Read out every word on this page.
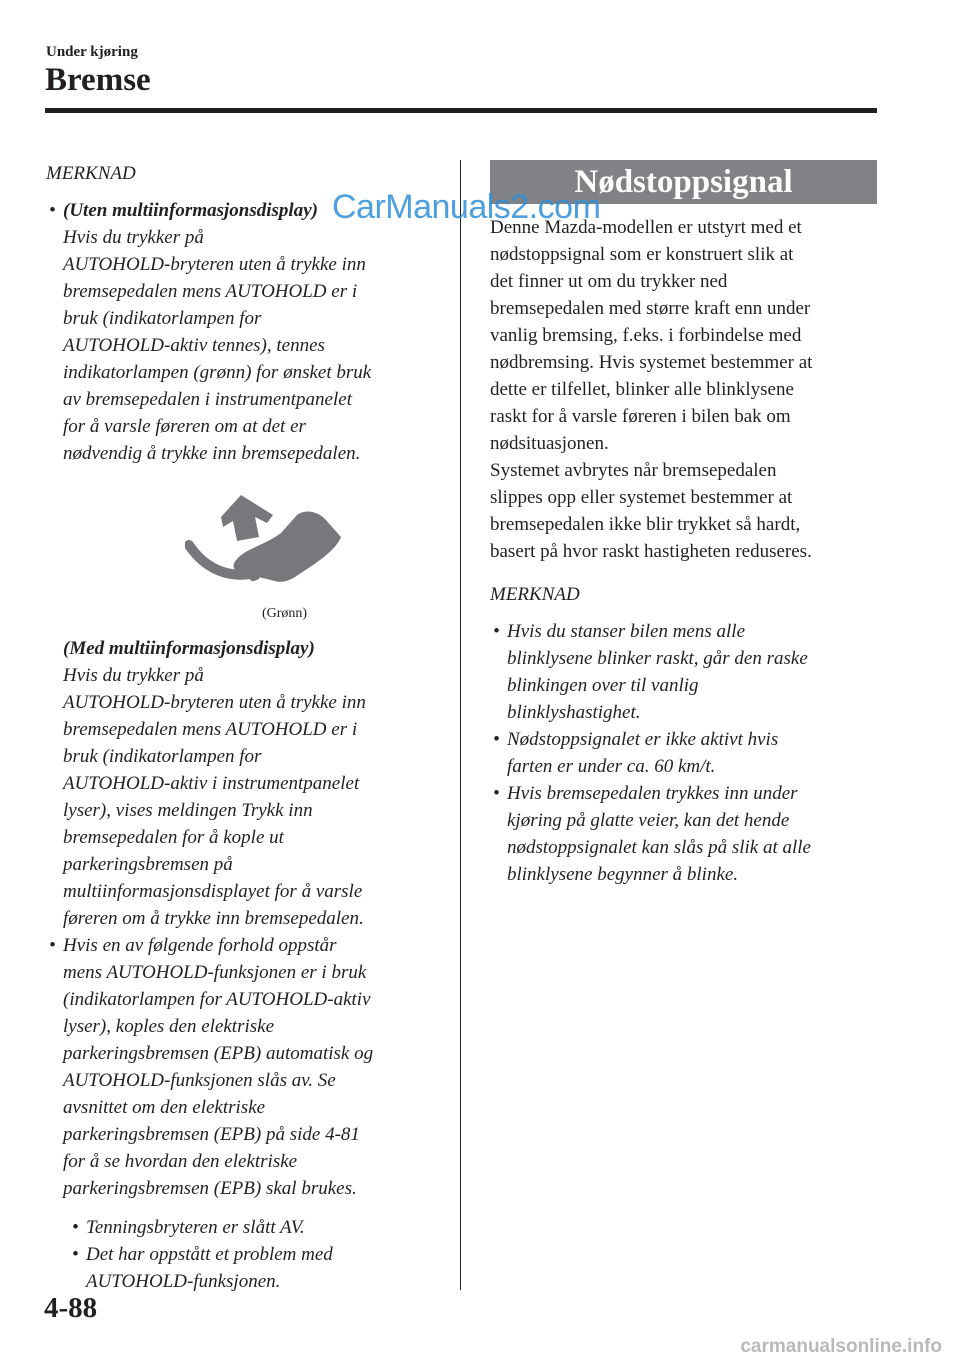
Under kjøring
Bremse
MERKNAD
• (Uten multiinformasjonsdisplay)
Hvis du trykker på
AUTOHOLD-bryteren uten å trykke inn
bremsepedalen mens AUTOHOLD er i
bruk (indikatorlampen for
AUTOHOLD-aktiv tennes), tennes
indikatorlampen (grønn) for ønsket bruk
av bremsepedalen i instrumentpanelet
for å varsle føreren om at det er
nødvendig å trykke inn bremsepedalen.
(Grønn)
(Med multiinformasjonsdisplay)
Hvis du trykker på
AUTOHOLD-bryteren uten å trykke inn
bremsepedalen mens AUTOHOLD er i
bruk (indikatorlampen for
AUTOHOLD-aktiv i instrumentpanelet
lyser), vises meldingen Trykk inn
bremsepedalen for å kople ut
parkeringsbremsen på
multiinformasjonsdisplayet for å varsle
føreren om å trykke inn bremsepedalen.
• Hvis en av følgende forhold oppstår
mens AUTOHOLD-funksjonen er i bruk
(indikatorlampen for AUTOHOLD-aktiv
lyser), koples den elektriske
parkeringsbremsen (EPB) automatisk og
AUTOHOLD-funksjonen slås av. Se
avsnittet om den elektriske
parkeringsbremsen (EPB) på side 4-81
for å se hvordan den elektriske
parkeringsbremsen (EPB) skal brukes.
• Tenningsbryteren er slått AV.
• Det har oppstått et problem med
AUTOHOLD-funksjonen.
Nødstoppsignal

Denne Mazda-modellen er utstyrt med et

nødstoppsignal som er konstruert slik at

det finner ut om du trykker ned

bremsepedalen med større kraft enn under

vanlig bremsing, f.eks. i forbindelse med

nødbremsing. Hvis systemet bestemmer at

dette er tilfellet, blinker alle blinklysene

raskt for å varsle føreren i bilen bak om

nødsituasjonen.

Systemet avbrytes når bremsepedalen

slippes opp eller systemet bestemmer at

bremsepedalen ikke blir trykket så hardt,

basert på hvor raskt hastigheten reduseres.

MERKNAD
• Hvis du stanser bilen mens alle
blinklysene blinker raskt, går den raske
blinkingen over til vanlig
blinklyshastighet.
• Nødstoppsignalet er ikke aktivt hvis
farten er under ca. 60 km/t.
• Hvis bremsepedalen trykkes inn under
kjøring på glatte veier, kan det hende
nødstoppsignalet kan slås på slik at alle
blinklysene begynner å blinke.
CarManuals2.com
4-88
carmanualsonline.info
